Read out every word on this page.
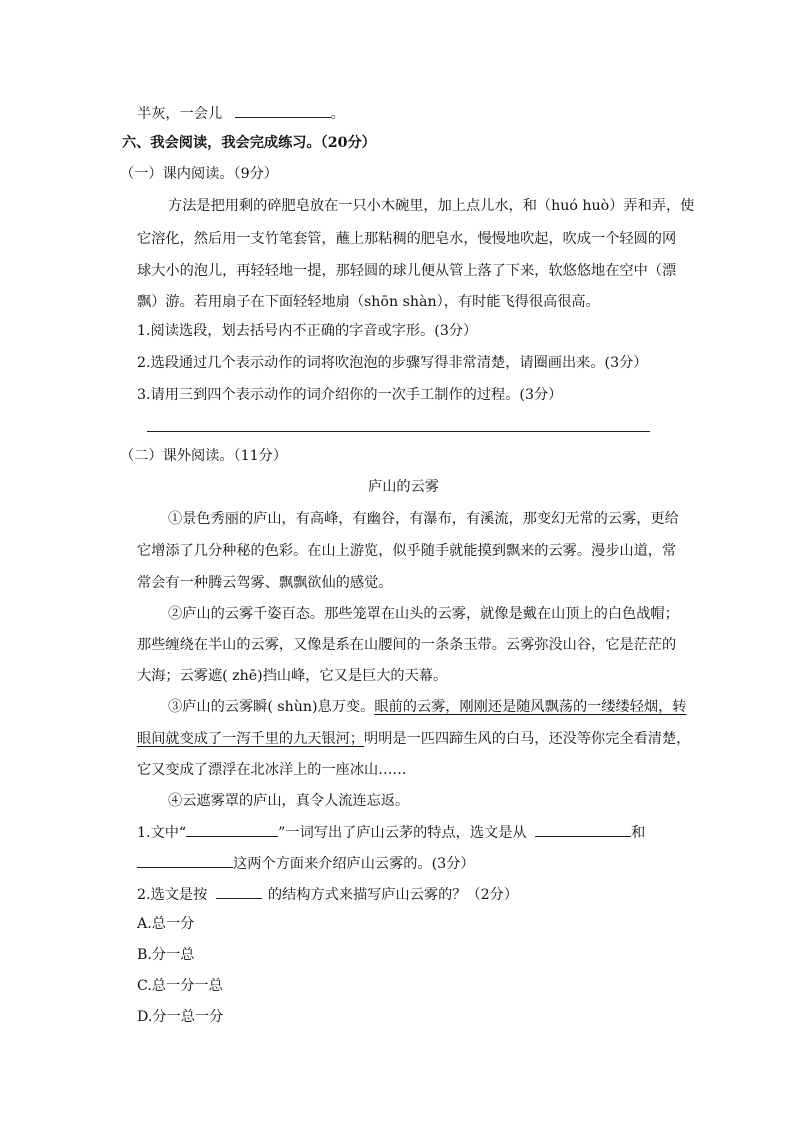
半灰，一会儿	。
六、我会阅读，我会完成练习。（20分）
（一）课内阅读。（9分）
方法是把用剩的碎肥皂放在一只小木碗里，加上点儿水，和（huó huò）弄和弄，使
它溶化，然后用一支竹笔套管，蘸上那粘稠的肥皂水，慢慢地吹起，吹成一个轻圆的网
球大小的泡儿，再轻轻地一提，那轻圆的球儿便从管上落了下来，软悠悠地在空中（漂
飘）游。若用扇子在下面轻轻地扇（shōn shàn），有时能飞得很高很高。
1.阅读选段，划去括号内不正确的字音或字形。(3分）
2.选段通过几个表示动作的词将吹泡泡的步骤写得非常清楚，请圈画出来。(3分）
3.请用三到四个表示动作的词介绍你的一次手工制作的过程。(3分）
（二）课外阅读。（11分）
庐山的云雾
①景色秀丽的庐山，有高峰，有幽谷，有瀑布，有溪流，那变幻无常的云雾，更给
它增添了几分种秘的色彩。在山上游览，似乎随手就能摸到飘来的云雾。漫步山道，常
常会有一种腾云驾雾、飘飘欲仙的感觉。
②庐山的云雾千姿百态。那些笼罩在山头的云雾，就像是戴在山顶上的白色战帽；
那些缠绕在半山的云雾，又像是系在山腰间的一条条玉带。云雾弥没山谷，它是茫茫的
大海；云雾遮( zhē)挡山峰，它又是巨大的天幕。
③庐山的云雾瞬( shùn)息万变。眼前的云雾，刚刚还是随风飘荡的一缕缕轻烟，转
眼间就变成了一泻千里的九天银河；明明是一匹四蹄生风的白马，还没等你完全看清楚，
它又变成了漂浮在北冰洋上的一座冰山……
④云遮雾罩的庐山，真令人流连忘返。
1.文中“	”一词写出了庐山云茅的特点，选文是从	和
这两个方面来介绍庐山云雾的。(3分）
2.选文是按	的结构方式来描写庐山云雾的？（2分）
A.总一分
B.分一总
C.总一分一总
D.分一总一分
